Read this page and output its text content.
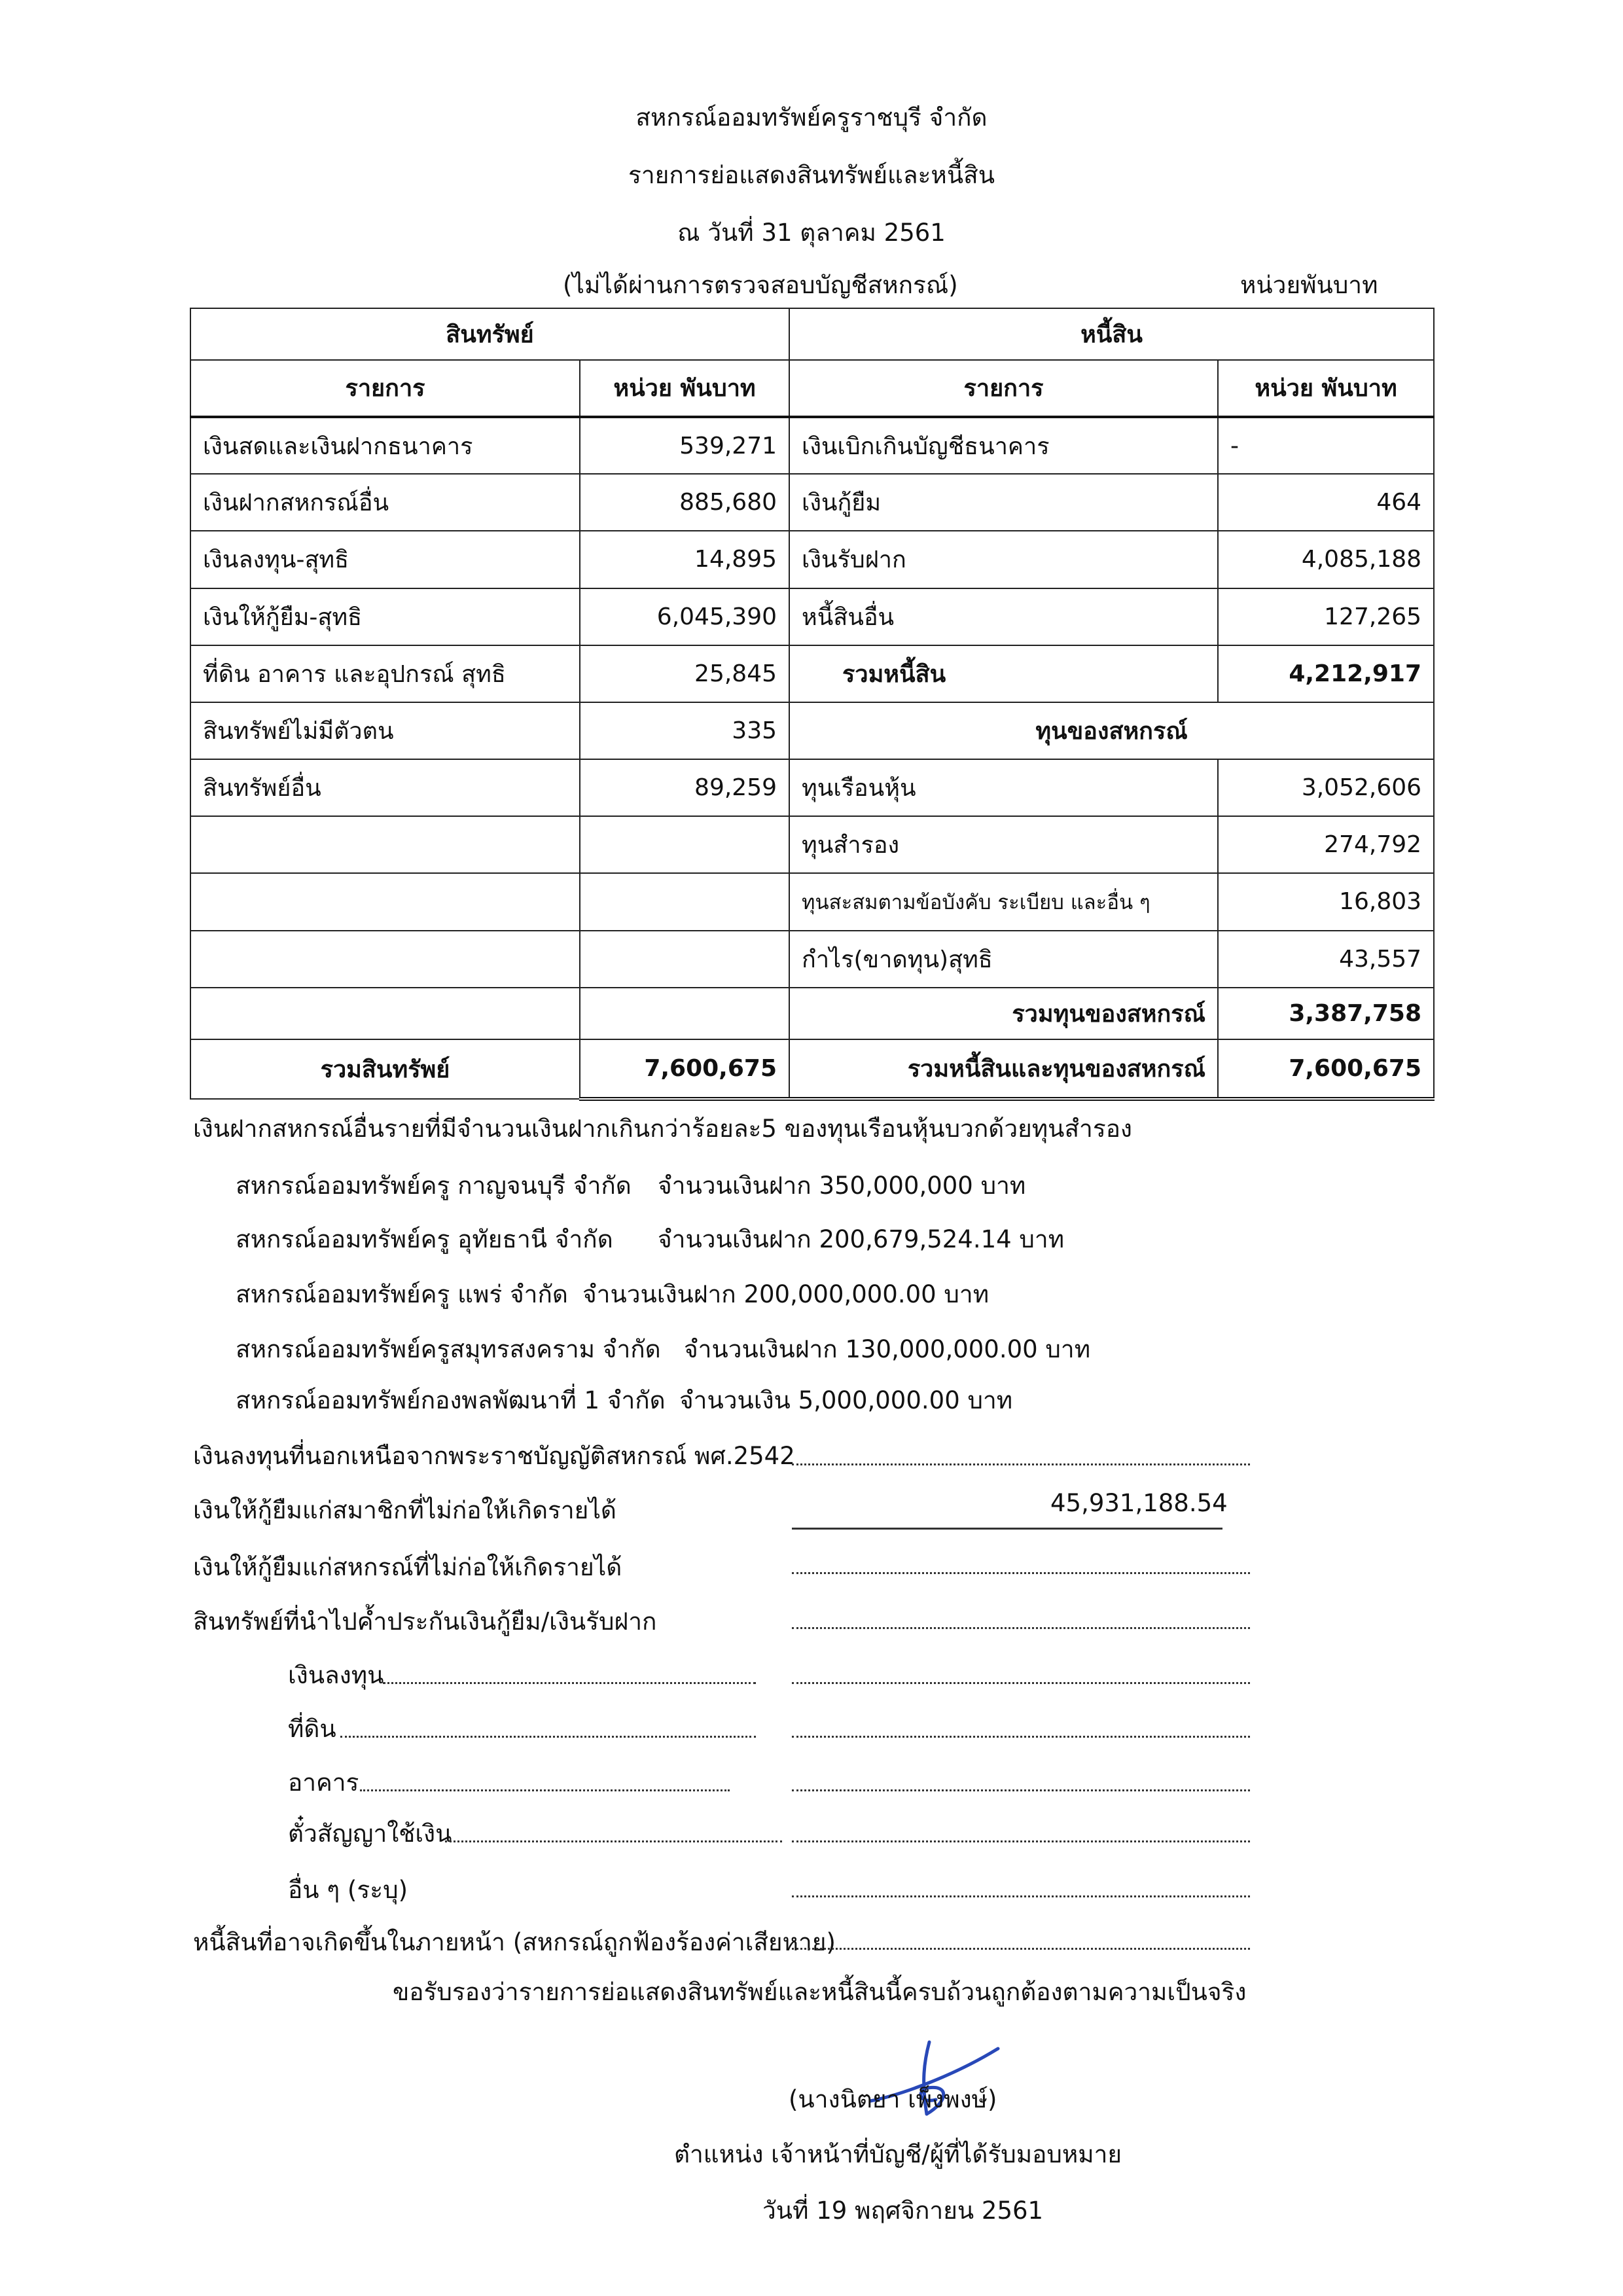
สหกรณ์ออมทรัพย์ครูราชบุรี จำกัด
รายการย่อแสดงสินทรัพย์และหนี้สิน
ณ วันที่ 31 ตุลาคม 2561
(ไม่ได้ผ่านการตรวจสอบบัญชีสหกรณ์)	หน่วยพันบาท
สินทรัพย์		หนี้สิน	
รายการ	หน่วย พันบาท	รายการ	หน่วย พันบาท
เงินสดและเงินฝากธนาคาร	539,271	เงินเบิกเกินบัญชีธนาคาร	-
เงินฝากสหกรณ์อื่น	885,680	เงินกู้ยืม	464
เงินลงทุน-สุทธิ	14,895	เงินรับฝาก	4,085,188
เงินให้กู้ยืม-สุทธิ	6,045,390	หนี้สินอื่น	127,265
ที่ดิน อาคาร และอุปกรณ์ สุทธิ	25,845	รวมหนี้สิน	4,212,917
สินทรัพย์ไม่มีตัวตน	335	ทุนของสหกรณ์	
สินทรัพย์อื่น	89,259	ทุนเรือนหุ้น	3,052,606
		ทุนสำรอง	274,792
		ทุนสะสมตามข้อบังคับ ระเบียบ และอื่น ๆ	16,803
		กำไร(ขาดทุน)สุทธิ	43,557
		รวมทุนของสหกรณ์	3,387,758
รวมสินทรัพย์	7,600,675	รวมหนี้สินและทุนของสหกรณ์	7,600,675
เงินฝากสหกรณ์อื่นรายที่มีจำนวนเงินฝากเกินกว่าร้อยละ5 ของทุนเรือนหุ้นบวกด้วยทุนสำรอง
สหกรณ์ออมทรัพย์ครู กาญจนบุรี จำกัด จำนวนเงินฝาก 350,000,000 บาท
สหกรณ์ออมทรัพย์ครู อุทัยธานี จำกัด จำนวนเงินฝาก 200,679,524.14 บาท
สหกรณ์ออมทรัพย์ครู แพร่ จำกัด จำนวนเงินฝาก 200,000,000.00 บาท
สหกรณ์ออมทรัพย์ครูสมุทรสงคราม จำกัด จำนวนเงินฝาก 130,000,000.00 บาท
สหกรณ์ออมทรัพย์กองพลพัฒนาที่ 1 จำกัด จำนวนเงิน 5,000,000.00 บาท
เงินลงทุนที่นอกเหนือจากพระราชบัญญัติสหกรณ์ พศ.2542
เงินให้กู้ยืมแก่สมาชิกที่ไม่ก่อให้เกิดรายได้	45,931,188.54
เงินให้กู้ยืมแก่สหกรณ์ที่ไม่ก่อให้เกิดรายได้
สินทรัพย์ที่นำไปค้ำประกันเงินกู้ยืม/เงินรับฝาก
เงินลงทุน
ที่ดิน
อาคาร
ตั๋วสัญญาใช้เงิน
อื่น ๆ (ระบุ)
หนี้สินที่อาจเกิดขึ้นในภายหน้า (สหกรณ์ถูกฟ้องร้องค่าเสียหาย)
ขอรับรองว่ารายการย่อแสดงสินทรัพย์และหนี้สินนี้ครบถ้วนถูกต้องตามความเป็นจริง
(นางนิตยา เพ็งพงษ์)
ตำแหน่ง เจ้าหน้าที่บัญชี/ผู้ที่ได้รับมอบหมาย
วันที่ 19 พฤศจิกายน 2561
